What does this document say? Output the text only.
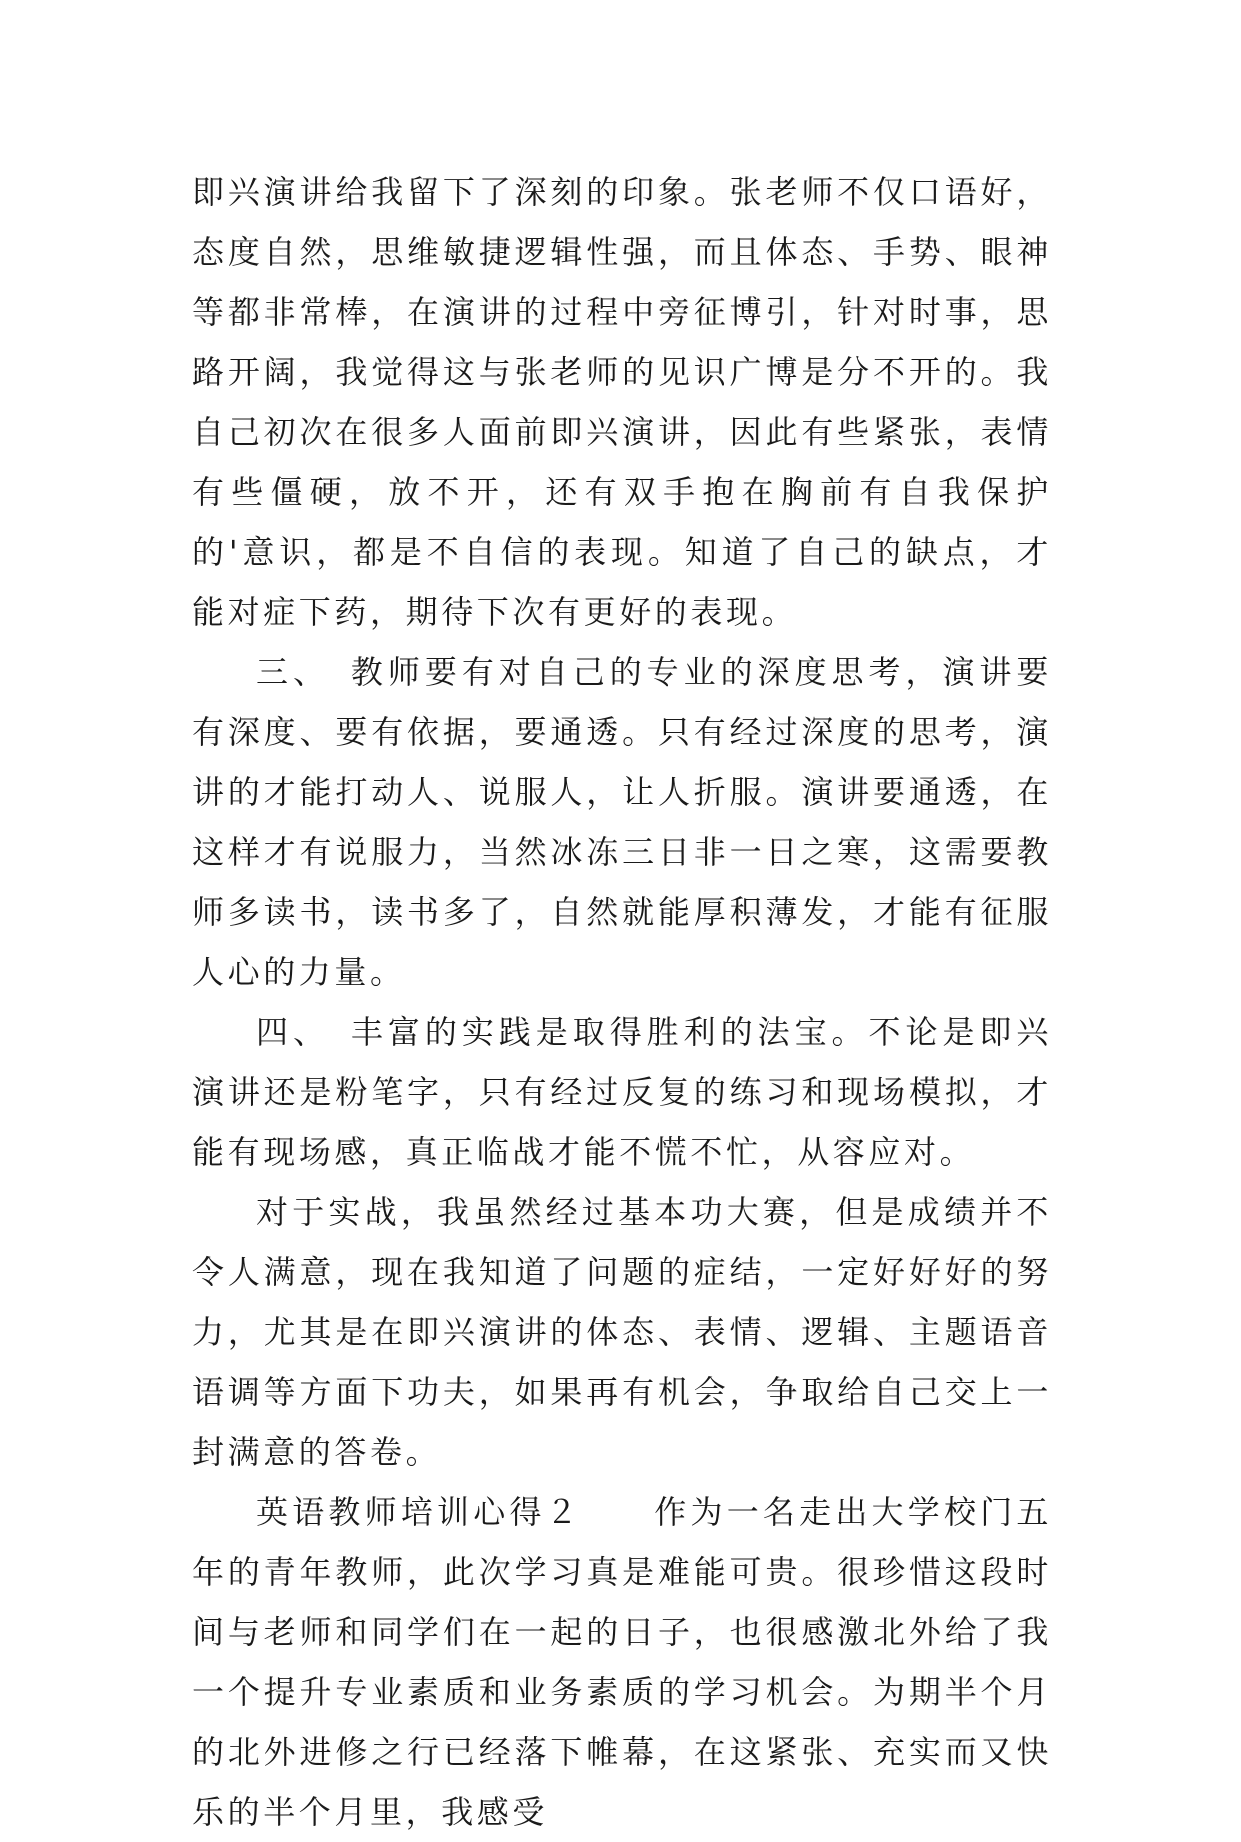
即兴演讲给我留下了深刻的印象。张老师不仅口语好，态度自然，思维敏捷逻辑性强，而且体态、手势、眼神等都非常棒，在演讲的过程中旁征博引，针对时事，思路开阔，我觉得这与张老师的见识广博是分不开的。我自己初次在很多人面前即兴演讲，因此有些紧张，表情有些僵硬，放不开，还有双手抱在胸前有自我保护的'意识，都是不自信的表现。知道了自己的缺点，才能对症下药，期待下次有更好的表现。

三、　教师要有对自己的专业的深度思考，演讲要有深度、要有依据，要通透。只有经过深度的思考，演讲的才能打动人、说服人，让人折服。演讲要通透，在这样才有说服力，当然冰冻三日非一日之寒，这需要教师多读书，读书多了，自然就能厚积薄发，才能有征服人心的力量。

四、　丰富的实践是取得胜利的法宝。不论是即兴演讲还是粉笔字，只有经过反复的练习和现场模拟，才能有现场感，真正临战才能不慌不忙，从容应对。

对于实战，我虽然经过基本功大赛，但是成绩并不令人满意，现在我知道了问题的症结，一定好好好的努力，尤其是在即兴演讲的体态、表情、逻辑、主题语音语调等方面下功夫，如果再有机会，争取给自己交上一封满意的答卷。

英语教师培训心得２　　作为一名走出大学校门五年的青年教师，此次学习真是难能可贵。很珍惜这段时间与老师和同学们在一起的日子，也很感激北外给了我一个提升专业素质和业务素质的学习机会。为期半个月的北外进修之行已经落下帷幕，在这紧张、充实而又快乐的半个月里，我感受
